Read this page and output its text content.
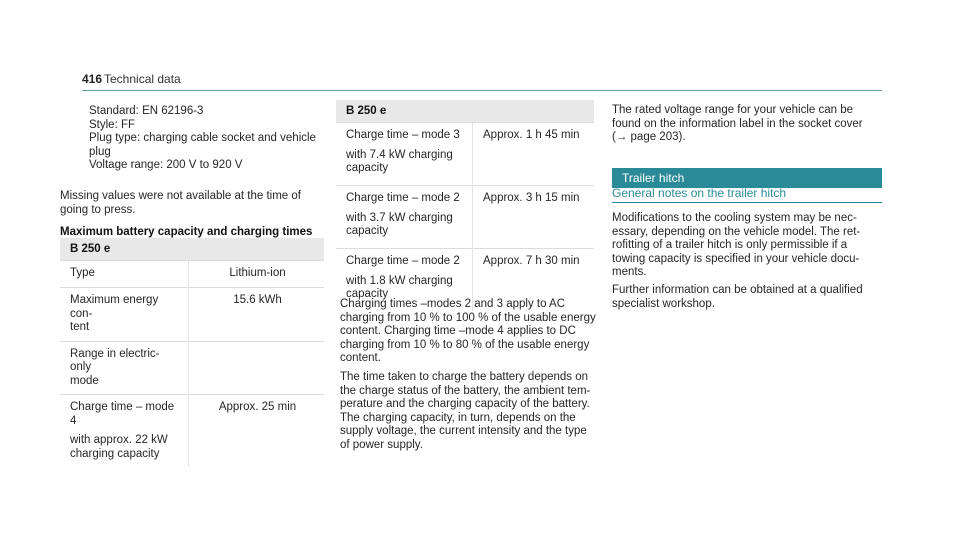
416 Technical data
Standard: EN 62196-3
Style: FF
Plug type: charging cable socket and vehicle
plug
Voltage range: 200 V to 920 V
Missing values were not available at the time of
going to press.
Maximum battery capacity and charging times
B 250 e	

Type	Lithium-ion

Maximum energy con-
tent	15.6 kWh

Range in electric-only
mode	

Charge time – mode 4
with approx. 22 kW
charging capacity	Approx. 25 min
B 250 e	

Charge time – mode 3
with 7.4 kW charging
capacity	Approx. 1 h 45 min

Charge time – mode 2
with 3.7 kW charging
capacity	Approx. 3 h 15 min

Charge time – mode 2
with 1.8 kW charging
capacity	Approx. 7 h 30 min
Charging times –modes 2 and 3 apply to AC
charging from 10 % to 100 % of the usable energy
content. Charging time –mode 4 applies to DC
charging from 10 % to 80 % of the usable energy
content.
The time taken to charge the battery depends on
the charge status of the battery, the ambient tem-
perature and the charging capacity of the battery.
The charging capacity, in turn, depends on the
supply voltage, the current intensity and the type
of power supply.
The rated voltage range for your vehicle can be
found on the information label in the socket cover
(→ page 203).
Trailer hitch
General notes on the trailer hitch
Modifications to the cooling system may be nec-
essary, depending on the vehicle model. The ret-
rofitting of a trailer hitch is only permissible if a
towing capacity is specified in your vehicle docu-
ments.
Further information can be obtained at a qualified
specialist workshop.
